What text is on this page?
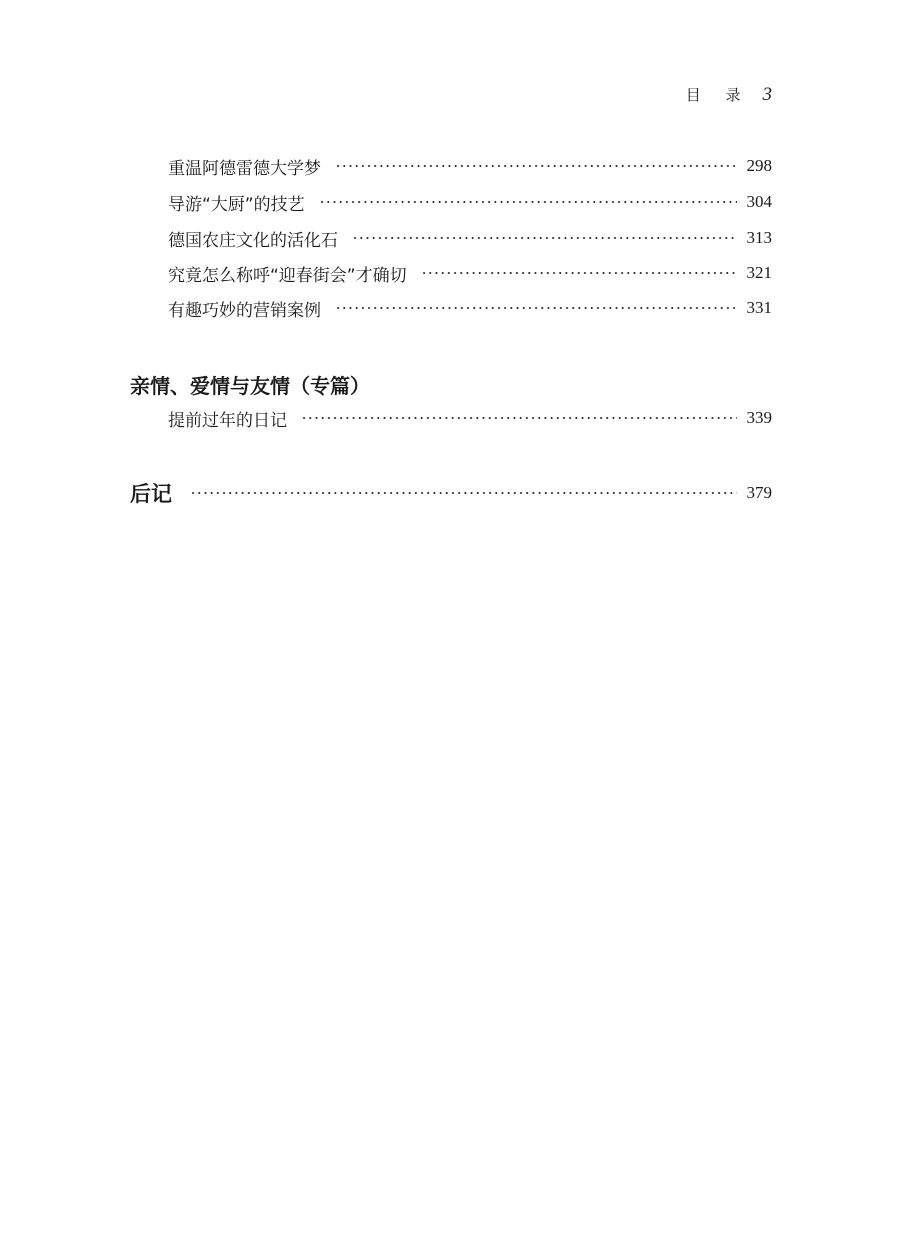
目 录 3
重温阿德雷德大学梦	298
导游“大厨”的技艺	304
德国农庄文化的活化石	313
究竟怎么称呼“迎春街会”才确切	321
有趣巧妙的营销案例	331
亲情、爱情与友情（专篇）
提前过年的日记	339
后记	379
